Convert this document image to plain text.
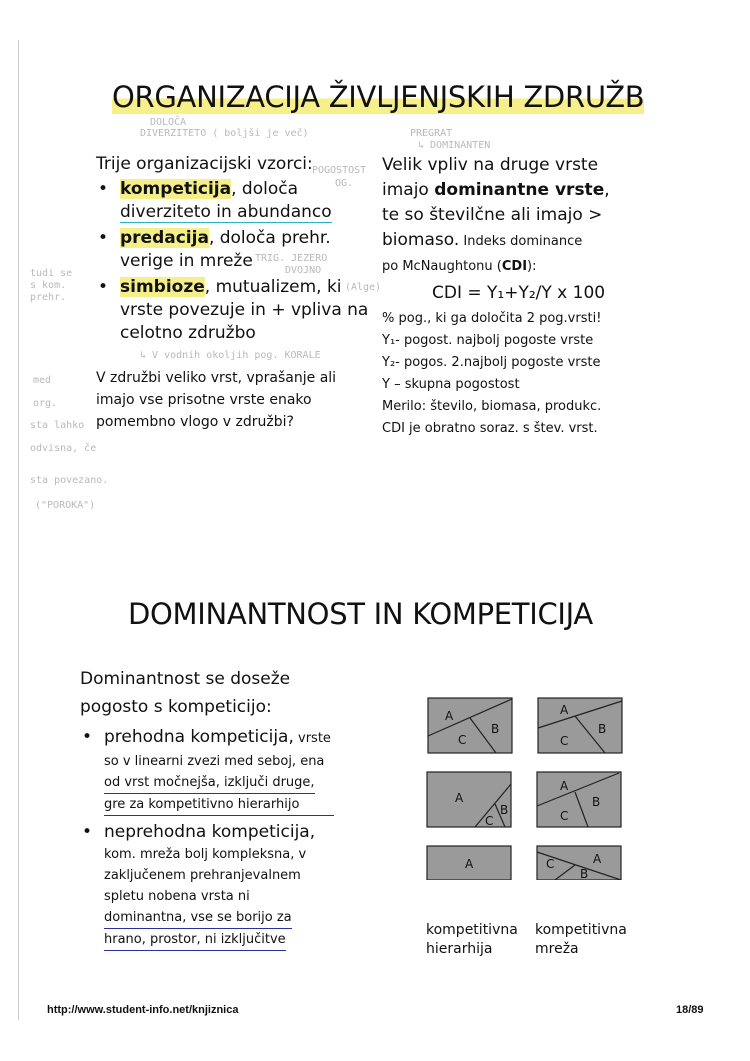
ORGANIZACIJA ŽIVLJENJSKIH ZDRUŽB
DOLOČA
DIVERZITETO ( boljši je več)
POGOSTOST
OG.
TRIG. JEZERO
DVOJNO
(Alge)
↳ V vodnih okoljih pog. KORALE
PREGRAT
↳ DOMINANTEN
tudi se
s kom.
prehr.
med
org.
sta lahko
odvisna, če
sta povezano.
("POROKA")
Trije organizacijski vzorci:
• kompeticija, določa
diverziteto in abundanco
• predacija, določa prehr.
verige in mreže
• simbioze, mutualizem, ki
vrste povezuje in + vpliva na
celotno združbo
V združbi veliko vrst, vprašanje ali
imajo vse prisotne vrste enako
pomembno vlogo v združbi?
Velik vpliv na druge vrste
imajo dominantne vrste,
te so številčne ali imajo >
biomaso. Indeks dominance
po McNaughtonu (CDI):
CDI = Y₁+Y₂/Y x 100
% pog., ki ga določita 2 pog.vrsti!
Y₁- pogost. najbolj pogoste vrste
Y₂- pogos. 2.najbolj pogoste vrste
Y – skupna pogostost
Merilo: število, biomasa, produkc.
CDI je obratno soraz. s štev. vrst.
DOMINANTNOST IN KOMPETICIJA
Dominantnost se doseže
pogosto s kompeticijo:
• prehodna kompeticija, vrste
so v linearni zvezi med seboj, ena
od vrst močnejša, izključi druge,
gre za kompetitivno hierarhijo
• neprehodna kompeticija,
kom. mreža bolj kompleksna, v
zaključenem prehranjevalnem
spletu nobena vrsta ni
dominantna, vse se borijo za hrano, prostor, ni izključitve
A
B
C
A
B
C
A
B
C
A
B
C
A	A
B
C
kompetitivna
hierarhija
kompetitivna
mreža
http://www.student-info.net/knjiznica	18/89
